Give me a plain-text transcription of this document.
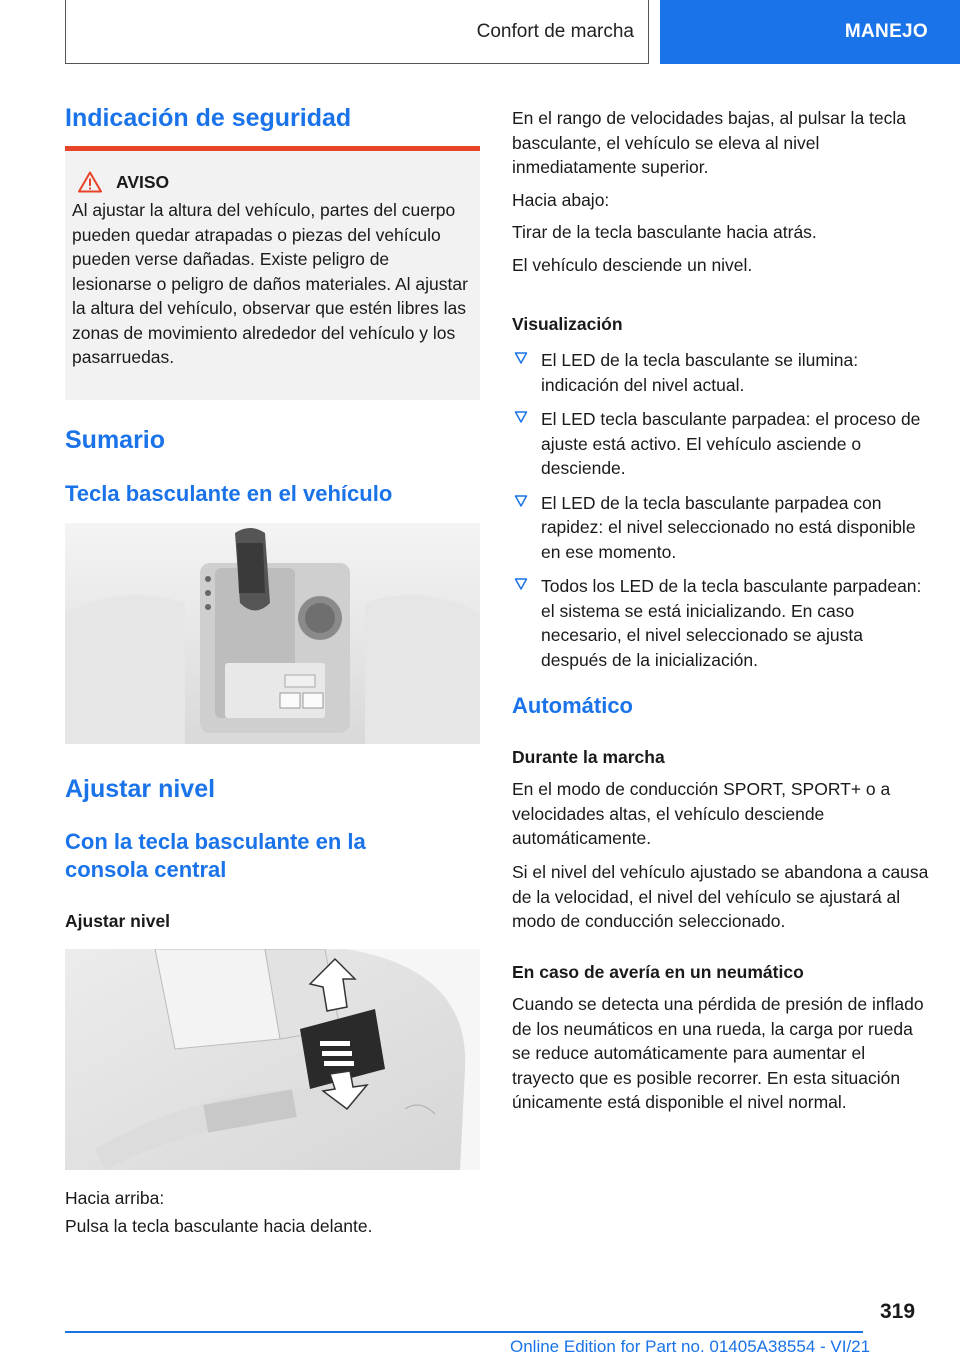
Confort de marcha	MANEJO
Indicación de seguridad
AVISO
Al ajustar la altura del vehículo, partes del cuerpo pueden quedar atrapadas o piezas del vehículo pueden verse dañadas. Existe peligro de lesionarse o peligro de daños materiales. Al ajustar la altura del vehículo, observar que estén libres las zonas de movimiento alrededor del vehículo y los pasarruedas.
Sumario
Tecla basculante en el vehículo
Ajustar nivel
Con la tecla basculante en la consola central
Ajustar nivel
Hacia arriba:
Pulsa la tecla basculante hacia delante.
En el rango de velocidades bajas, al pulsar la tecla basculante, el vehículo se eleva al nivel inmediatamente superior.
Hacia abajo:
Tirar de la tecla basculante hacia atrás.
El vehículo desciende un nivel.
Visualización
El LED de la tecla basculante se ilumina: indicación del nivel actual.
El LED tecla basculante parpadea: el proceso de ajuste está activo. El vehículo asciende o desciende.
El LED de la tecla basculante parpadea con rapidez: el nivel seleccionado no está disponible en ese momento.
Todos los LED de la tecla basculante parpadean: el sistema se está inicializando. En caso necesario, el nivel seleccionado se ajusta después de la inicialización.
Automático
Durante la marcha
En el modo de conducción SPORT, SPORT+ o a velocidades altas, el vehículo desciende automáticamente.
Si el nivel del vehículo ajustado se abandona a causa de la velocidad, el nivel del vehículo se ajustará al modo de conducción seleccionado.
En caso de avería en un neumático
Cuando se detecta una pérdida de presión de inflado de los neumáticos en una rueda, la carga por rueda se reduce automáticamente para aumentar el trayecto que es posible recorrer. En esta situación únicamente está disponible el nivel normal.
319
Online Edition for Part no. 01405A38554 - VI/21
